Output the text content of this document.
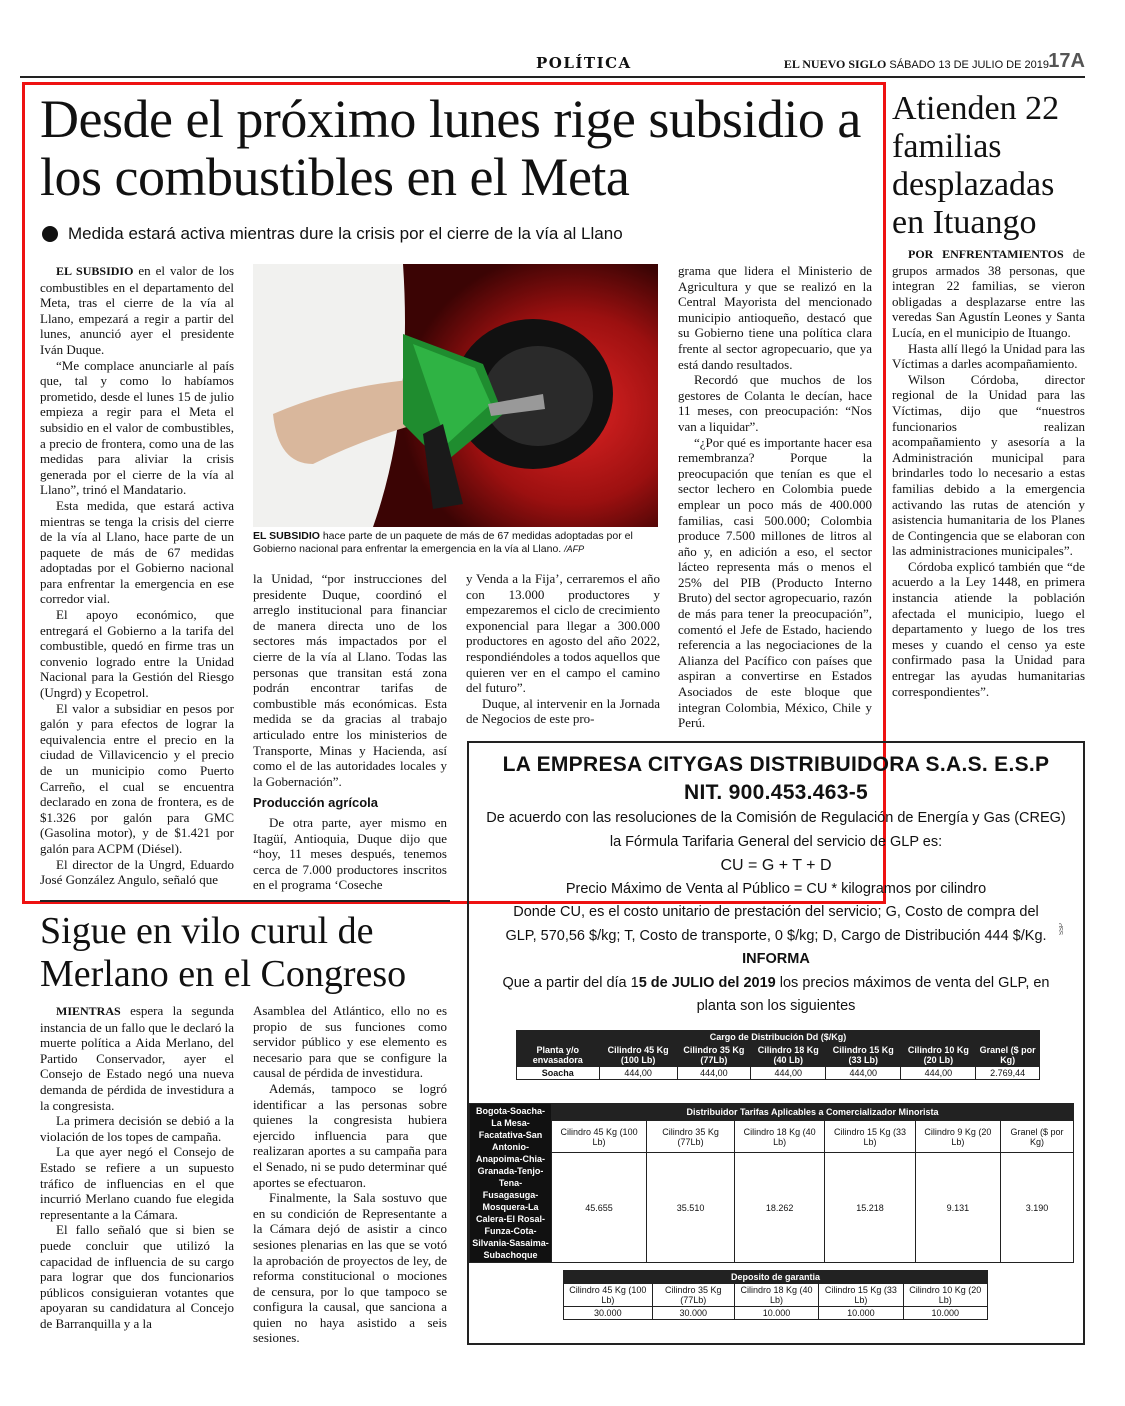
POLÍTICA	EL NUEVO SIGLO SÁBADO 13 DE JULIO DE 2019 17A
Desde el próximo lunes rige subsidio a los combustibles en el Meta
Medida estará activa mientras dure la crisis por el cierre de la vía al Llano

EL SUBSIDIO en el valor de los combustibles en el departamento del Meta, tras el cierre de la vía al Llano, empezará a regir a partir del lunes, anunció ayer el presidente Iván Duque.

“Me complace anunciarle al país que, tal y como lo habíamos prometido, desde el lunes 15 de julio empieza a regir para el Meta el subsidio en el valor de combustibles, a precio de frontera, como una de las medidas para aliviar la crisis generada por el cierre de la vía al Llano”, trinó el Mandatario.

Esta medida, que estará activa mientras se tenga la crisis del cierre de la vía al Llano, hace parte de un paquete de más de 67 medidas adoptadas por el Gobierno nacional para enfrentar la emergencia en ese corredor vial.

El apoyo económico, que entregará el Gobierno a la tarifa del combustible, quedó en firme tras un convenio logrado entre la Unidad Nacional para la Gestión del Riesgo (Ungrd) y Ecopetrol.

El valor a subsidiar en pesos por galón y para efectos de lograr la equivalencia entre el precio en la ciudad de Villavicencio y el precio de un municipio como Puerto Carreño, el cual se encuentra declarado en zona de frontera, es de $1.326 por galón para GMC (Gasolina motor), y de $1.421 por galón para ACPM (Diésel).

El director de la Ungrd, Eduardo José González Angulo, señaló que

EL SUBSIDIO hace parte de un paquete de más de 67 medidas adoptadas por el Gobierno nacional para enfrentar la emergencia en la vía al Llano. /AFP

la Unidad, “por instrucciones del presidente Duque, coordinó el arreglo institucional para financiar de manera directa uno de los sectores más impactados por el cierre de la vía al Llano. Todas las personas que transitan está zona podrán encontrar tarifas de combustible más económicas. Esta medida se da gracias al trabajo articulado entre los ministerios de Transporte, Minas y Hacienda, así como el de las autoridades locales y la Gobernación”.

Producción agrícola

De otra parte, ayer mismo en Itagüí, Antioquia, Duque dijo que “hoy, 11 meses después, tenemos cerca de 7.000 productores inscritos en el programa ‘Coseche

y Venda a la Fija’, cerraremos el año con 13.000 productores y empezaremos el ciclo de crecimiento exponencial para llegar a 300.000 productores en agosto del año 2022, respondiéndoles a todos aquellos que quieren ver en el campo el camino del futuro”.

Duque, al intervenir en la Jornada de Negocios de este pro-

grama que lidera el Ministerio de Agricultura y que se realizó en la Central Mayorista del mencionado municipio antioqueño, destacó que su Gobierno tiene una política clara frente al sector agropecuario, que ya está dando resultados.

Recordó que muchos de los gestores de Colanta le decían, hace 11 meses, con preocupación: “Nos van a liquidar”.

“¿Por qué es importante hacer esa remembranza? Porque la preocupación que tenían es que el sector lechero en Colombia puede emplear un poco más de 400.000 familias, casi 500.000; Colombia produce 7.500 millones de litros al año y, en adición a eso, el sector lácteo representa más o menos el 25% del PIB (Producto Interno Bruto) del sector agropecuario, razón de más para tener la preocupación”, comentó el Jefe de Estado, haciendo referencia a las negociaciones de la Alianza del Pacífico con países que aspiran a convertirse en Estados Asociados de este bloque que integran Colombia, México, Chile y Perú.

Atienden 22 familias desplazadas en Ituango

POR ENFRENTAMIENTOS de grupos armados 38 personas, que integran 22 familias, se vieron obligadas a desplazarse entre las veredas San Agustín Leones y Santa Lucía, en el municipio de Ituango.

Hasta allí llegó la Unidad para las Víctimas a darles acompañamiento.

Wilson Córdoba, director regional de la Unidad para las Víctimas, dijo que “nuestros funcionarios realizan acompañamiento y asesoría a la Administración municipal para brindarles todo lo necesario a estas familias debido a la emergencia activando las rutas de atención y asistencia humanitaria de los Planes de Contingencia que se elaboran con las administraciones municipales”.

Córdoba explicó también que “de acuerdo a la Ley 1448, en primera instancia atiende la población afectada el municipio, luego el departamento y luego de los tres meses y cuando el censo ya este confirmado pasa la Unidad para entregar las ayudas humanitarias correspondientes”.

Sigue en vilo curul de Merlano en el Congreso

MIENTRAS espera la segunda instancia de un fallo que le declaró la muerte política a Aida Merlano, del Partido Conservador, ayer el Consejo de Estado negó una nueva demanda de pérdida de investidura a la congresista.

La primera decisión se debió a la violación de los topes de campaña.

La que ayer negó el Consejo de Estado se refiere a un supuesto tráfico de influencias en el que incurrió Merlano cuando fue elegida representante a la Cámara.

El fallo señaló que si bien se puede concluir que utilizó la capacidad de influencia de su cargo para lograr que dos funcionarios públicos consiguieran votantes que apoyaran su candidatura al Concejo de Barranquilla y a la

Asamblea del Atlántico, ello no es propio de sus funciones como servidor público y ese elemento es necesario para que se configure la causal de pérdida de investidura.

Además, tampoco se logró identificar a las personas sobre quienes la congresista hubiera ejercido influencia para que realizaran aportes a su campaña para el Senado, ni se pudo determinar qué aportes se efectuaron.

Finalmente, la Sala sostuvo que en su condición de Representante a la Cámara dejó de asistir a cinco sesiones plenarias en las que se votó la aprobación de proyectos de ley, de reforma constitucional o mociones de censura, por lo que tampoco se configura la causal, que sanciona a quien no haya asistido a seis sesiones.

LA EMPRESA CITYGAS DISTRIBUIDORA S.A.S. E.S.P
NIT. 900.453.463-5
De acuerdo con las resoluciones de la Comisión de Regulación de Energía y Gas (CREG)
la Fórmula Tarifaria General del servicio de GLP es:
CU = G + T + D
Precio Máximo de Venta al Público = CU * kilogramos por cilindro
Donde CU, es el costo unitario de prestación del servicio; G, Costo de compra del
GLP, 570,56 $/kg; T, Costo de transporte, 0 $/kg; D, Cargo de Distribución 444 $/Kg.
INFORMA
Que a partir del día 15 de JULIO del 2019 los precios máximos de venta del GLP, en
planta son los siguientes
SSP
Cargo de Distribución Dd ($/Kg)						
Planta y/o envasadora	Cilindro 45 Kg (100 Lb)	Cilindro 35 Kg (77Lb)	Cilindro 18 Kg (40 Lb)	Cilindro 15 Kg (33 Lb)	Cilindro 10 Kg (20 Lb)	Granel ($ por Kg)
Soacha	444,00	444,00	444,00	444,00	444,00	2.769,44
Bogota-Soacha-La Mesa-Facatativa-San Antonio-Anapoima-Chia-Granada-Tenjo-Tena-Fusagasuga-Mosquera-La Calera-El Rosal-Funza-Cota-Silvania-Sasaima-Subachoque	Distribuidor Tarifas Aplicables a Comercializador Minorista					
	Cilindro 45 Kg (100 Lb)	Cilindro 35 Kg (77Lb)	Cilindro 18 Kg (40 Lb)	Cilindro 15 Kg (33 Lb)	Cilindro 9 Kg (20 Lb)	Granel ($ por Kg)
	45.655	35.510	18.262	15.218	9.131	3.190
Deposito de garantia				
Cilindro 45 Kg (100 Lb)	Cilindro 35 Kg (77Lb)	Cilindro 18 Kg (40 Lb)	Cilindro 15 Kg (33 Lb)	Cilindro 10 Kg (20 Lb)
30.000	30.000	10.000	10.000	10.000
